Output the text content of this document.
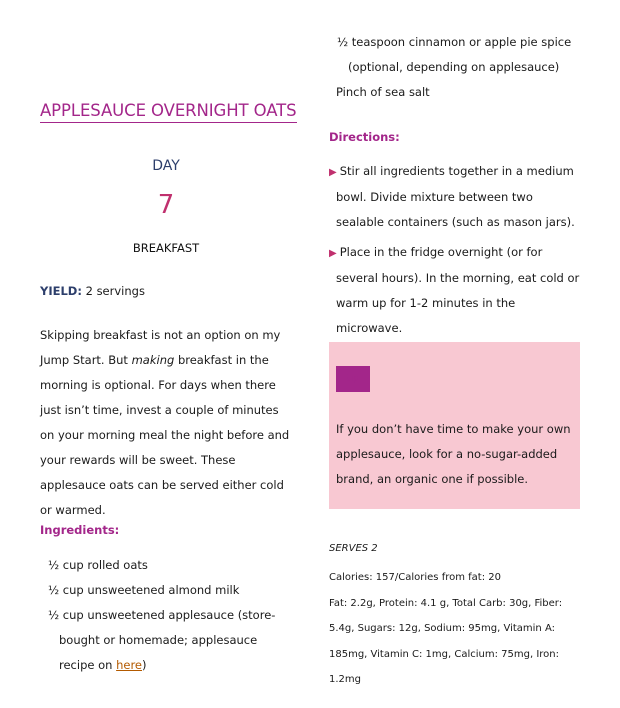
APPLESAUCE OVERNIGHT OATS
DAY
7
BREAKFAST
YIELD: 2 servings

Skipping breakfast is not an option on my Jump Start. But making breakfast in the morning is optional. For days when there just isn’t time, invest a couple of minutes on your morning meal the night before and your rewards will be sweet. These applesauce oats can be served either cold or warmed.

Ingredients:
½ cup rolled oats
½ cup unsweetened almond milk
½ cup unsweetened applesauce (store-bought or homemade; applesauce recipe on here)
½ teaspoon cinnamon or apple pie spice (optional, depending on applesauce)
Pinch of sea salt
Directions:
▶ Stir all ingredients together in a medium bowl. Divide mixture between two sealable containers (such as mason jars).
▶ Place in the fridge overnight (or for several hours). In the morning, eat cold or warm up for 1-2 minutes in the microwave.
tip

If you don’t have time to make your own applesauce, look for a no-sugar-added brand, an organic one if possible.

SERVES 2

Calories: 157/Calories from fat: 20
Fat: 2.2g, Protein: 4.1 g, Total Carb: 30g, Fiber: 5.4g, Sugars: 12g, Sodium: 95mg, Vitamin A: 185mg, Vitamin C: 1mg, Calcium: 75mg, Iron: 1.2mg
